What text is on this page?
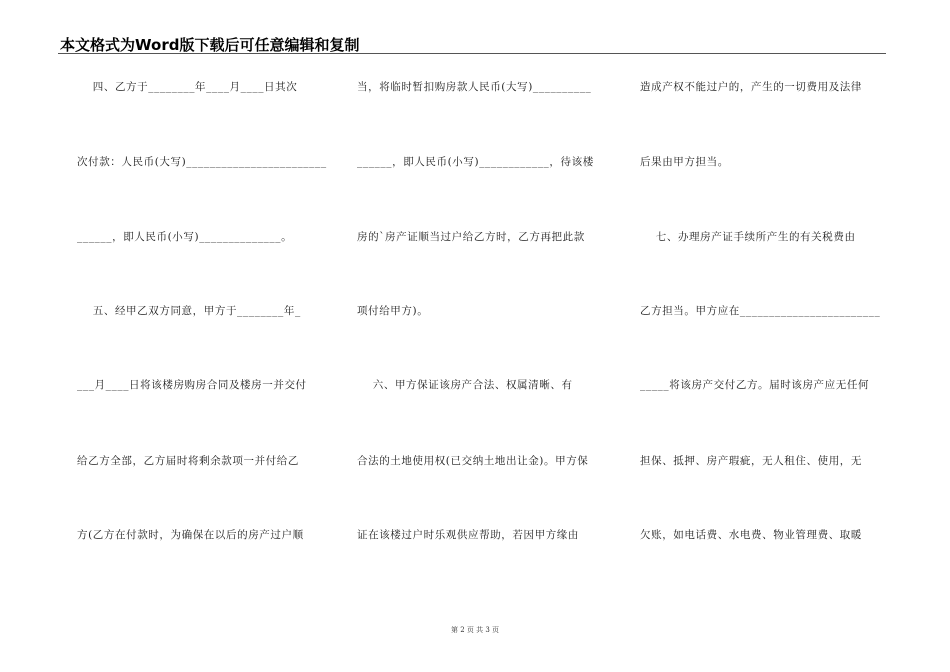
本文格式为Word版下载后可任意编辑和复制
四、乙方于________年____月____日其次
次付款：人民币(大写)________________________
______，即人民币(小写)______________。
五、经甲乙双方同意，甲方于________年_
___月____日将该楼房购房合同及楼房一并交付
给乙方全部，乙方届时将剩余款项一并付给乙
方(乙方在付款时，为确保在以后的房产过户顺
当，将临时暂扣购房款人民币(大写)__________
______，即人民币(小写)____________，待该楼
房的`房产证顺当过户给乙方时，乙方再把此款
项付给甲方)。
六、甲方保证该房产合法、权属清晰、有
合法的土地使用权(已交纳土地出让金)。甲方保
证在该楼过户时乐观供应帮助，若因甲方缘由
造成产权不能过户的，产生的一切费用及法律
后果由甲方担当。
七、办理房产证手续所产生的有关税费由
乙方担当。甲方应在________________________
_____将该房产交付乙方。届时该房产应无任何
担保、抵押、房产瑕疵，无人租住、使用，无
欠账，如电话费、水电费、物业管理费、取暖
第 2 页 共 3 页
